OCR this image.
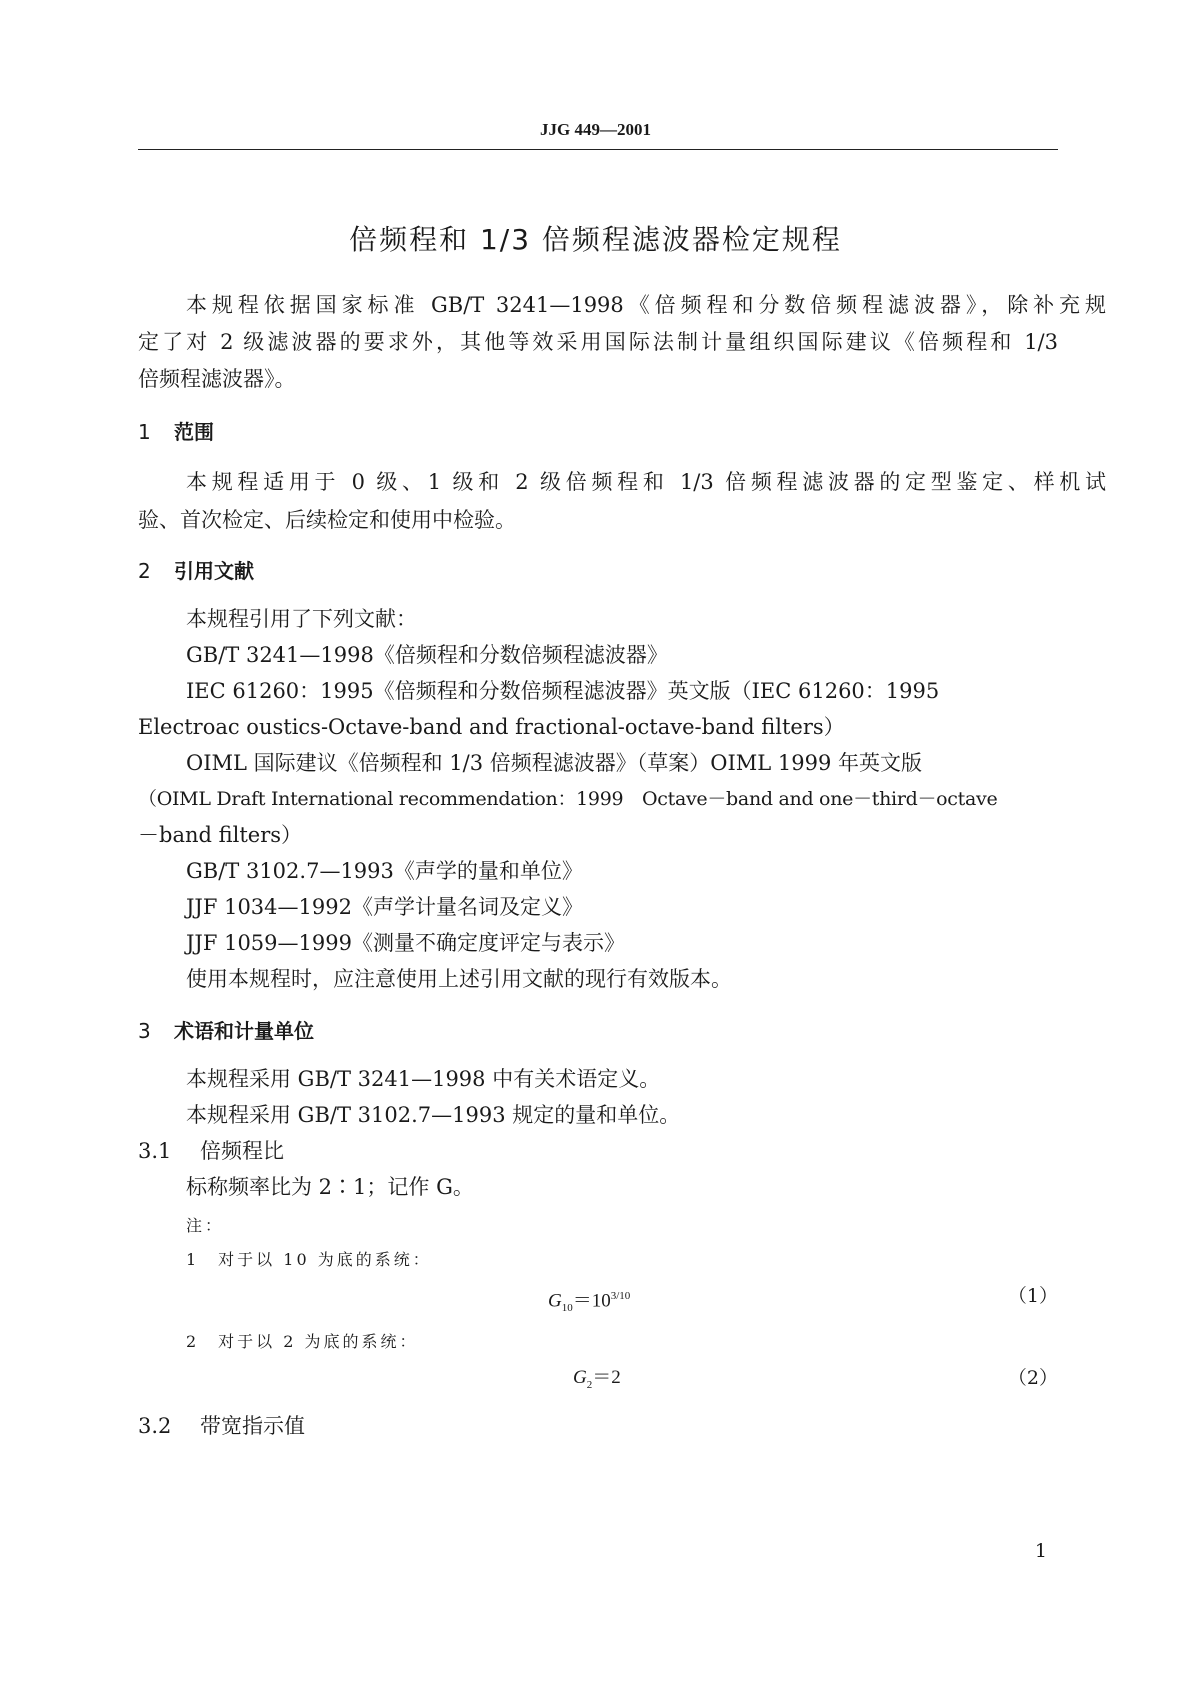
JJG 449—2001
倍频程和 1/3 倍频程滤波器检定规程
本规程依据国家标准 GB/T 3241—1998《倍频程和分数倍频程滤波器》，除补充规
定了对 2 级滤波器的要求外，其他等效采用国际法制计量组织国际建议《倍频程和 1/3
倍频程滤波器》。
1 范围
本规程适用于 0 级、1 级和 2 级倍频程和 1/3 倍频程滤波器的定型鉴定、样机试
验、首次检定、后续检定和使用中检验。
2 引用文献
本规程引用了下列文献：
GB/T 3241—1998《倍频程和分数倍频程滤波器》
IEC 61260：1995《倍频程和分数倍频程滤波器》英文版（IEC 61260：1995
Electroac oustics-Octave-band and fractional-octave-band filters）
OIML 国际建议《倍频程和 1/3 倍频程滤波器》（草案）OIML 1999 年英文版
（OIML Draft International recommendation：1999　Octave－band and one－third－octave
－band filters）
GB/T 3102.7—1993《声学的量和单位》
JJF 1034—1992《声学计量名词及定义》
JJF 1059—1999《测量不确定度评定与表示》
使用本规程时，应注意使用上述引用文献的现行有效版本。
3 术语和计量单位
本规程采用 GB/T 3241—1998 中有关术语定义。
本规程采用 GB/T 3102.7—1993 规定的量和单位。
3.1 倍频程比
标称频率比为 2∶1；记作 G。
注：
1　对于以 10 为底的系统：
$G_{10}=10^{3/10}$	（1）
2　对于以 2 为底的系统：
$G_2=2$	（2）
3.2 带宽指示值
1
